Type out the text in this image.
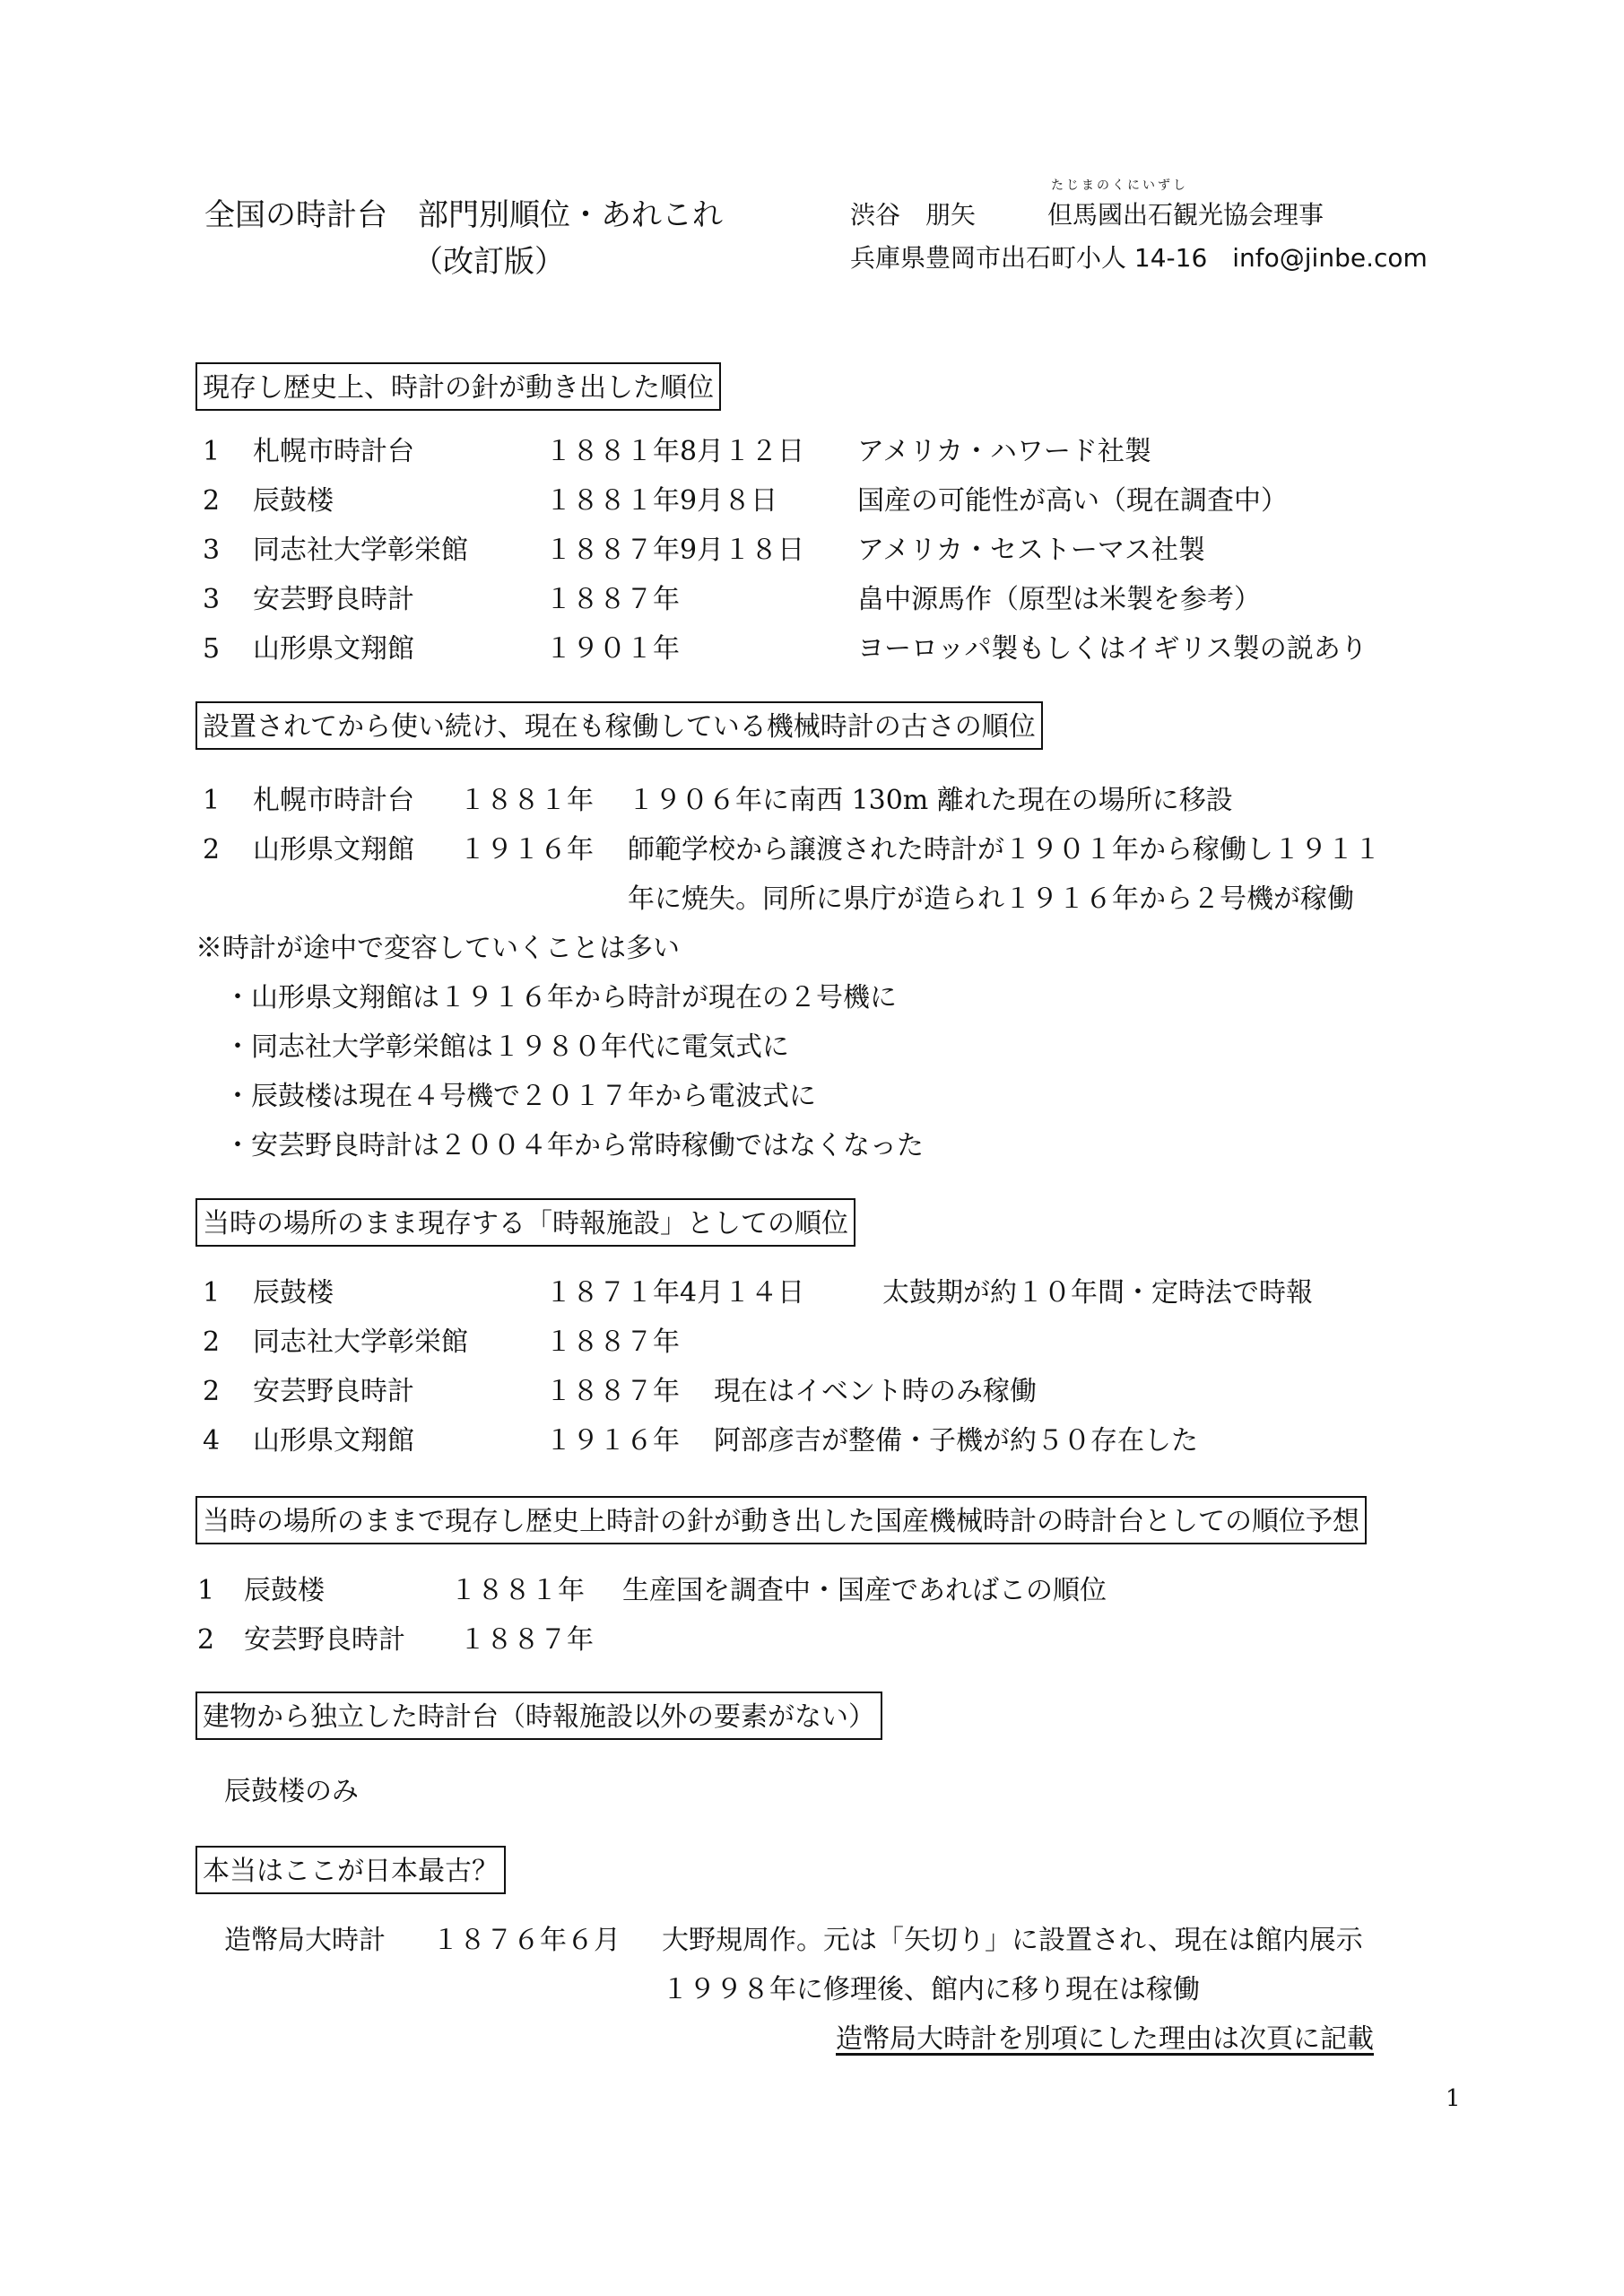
全国の時計台　部門別順位・あれこれ
（改訂版）
渋谷　朋矢
たじまのくにいずし
但馬國出石観光協会理事
兵庫県豊岡市出石町小人 14-16　info@jinbe.com
現存し歴史上、時計の針が動き出した順位
1 札幌市時計台	１８８１年8月１２日 アメリカ・ハワード社製
2 辰鼓楼	１８８１年9月８日	国産の可能性が高い（現在調査中）
3 同志社大学彰栄館	１８８７年9月１８日 アメリカ・セストーマス社製
3 安芸野良時計	１８８７年	畠中源馬作（原型は米製を参考）
5 山形県文翔館	１９０１年	ヨーロッパ製もしくはイギリス製の説あり
設置されてから使い続け、現在も稼働している機械時計の古さの順位
1 札幌市時計台 １８８１年 １９０６年に南西 130m 離れた現在の場所に移設
2 山形県文翔館 １９１６年 師範学校から譲渡された時計が１９０１年から稼働し１９１１
年に焼失。同所に県庁が造られ１９１６年から２号機が稼働
※時計が途中で変容していくことは多い
・山形県文翔館は１９１６年から時計が現在の２号機に
・同志社大学彰栄館は１９８０年代に電気式に
・辰鼓楼は現在４号機で２０１７年から電波式に
・安芸野良時計は２００４年から常時稼働ではなくなった
当時の場所のまま現存する「時報施設」としての順位
1 辰鼓楼	１８７１年4月１４日	太鼓期が約１０年間・定時法で時報
2 同志社大学彰栄館	１８８７年
2 安芸野良時計	１８８７年 現在はイベント時のみ稼働
4 山形県文翔館	１９１６年 阿部彦吉が整備・子機が約５０存在した
当時の場所のままで現存し歴史上時計の針が動き出した国産機械時計の時計台としての順位予想
1 辰鼓楼	１８８１年 生産国を調査中・国産であればこの順位
2 安芸野良時計 １８８７年
建物から独立した時計台（時報施設以外の要素がない）
辰鼓楼のみ
本当はここが日本最古？
造幣局大時計 １８７６年６月 大野規周作。元は「矢切り」に設置され、現在は館内展示
１９９８年に修理後、館内に移り現在は稼働
造幣局大時計を別項にした理由は次頁に記載
1
